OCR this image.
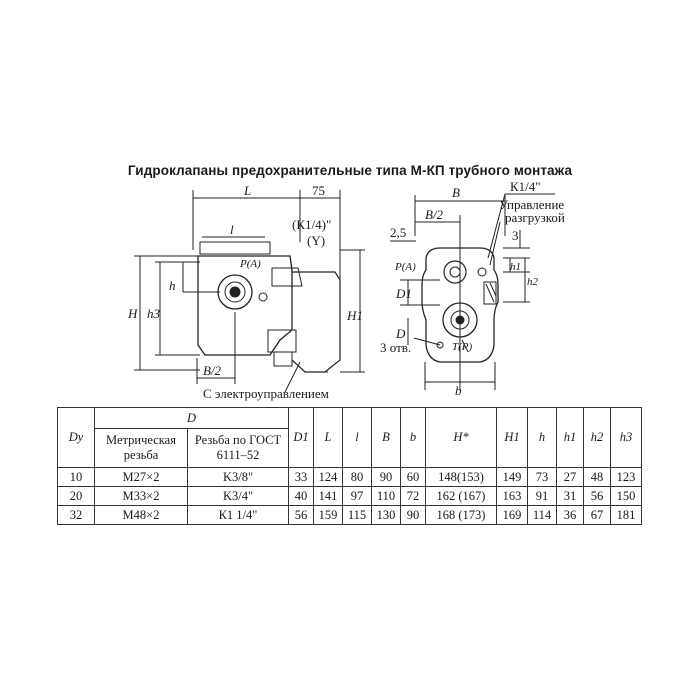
Гидроклапаны предохранительные типа М-КП трубного монтажа
L	75
l	(К1/4)"
(Y)
P(A)
H h3
h
H1
B/2
С электроуправлением
B	К1/4"
B/2
Управление
разгрузкой
3
2,5
P(A)	h1
h2
D1
D
3 отв.	T(P)
b
Dy	D		D1	L	l	B	b	H*	H1	h	h1	h2	h3
	Метрическая резьба	Резьба по ГОСТ 6111–52											
10	М27×2	K3/8"	33	124	80	90	60	148(153)	149	73	27	48	123
20	М33×2	K3/4"	40	141	97	110	72	162 (167)	163	91	31	56	150
32	М48×2	К1 1/4"	56	159	115	130	90	168 (173)	169	114	36	67	181
